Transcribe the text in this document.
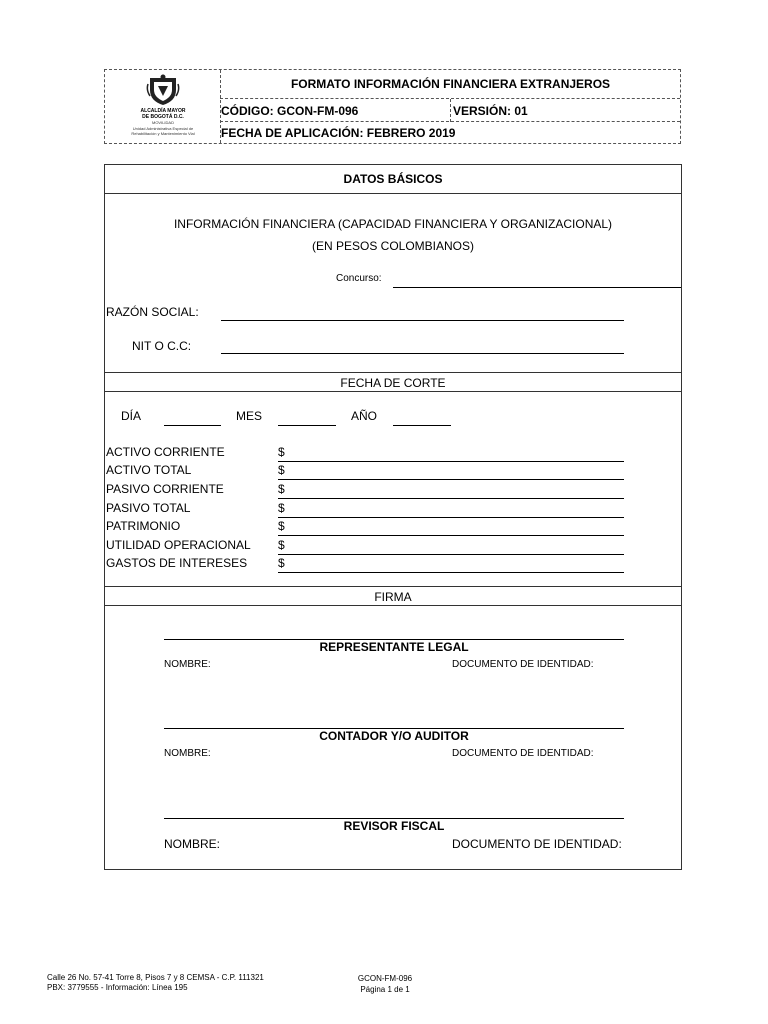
ALCALDÍA MAYOR
DE BOGOTÁ D.C.
MOVILIDAD
Unidad Administrativa Especial de
Rehabilitación y Mantenimiento Vial
FORMATO INFORMACIÓN FINANCIERA EXTRANJEROS
CÓDIGO: GCON-FM-096	VERSIÓN: 01
FECHA DE APLICACIÓN: FEBRERO 2019
DATOS BÁSICOS
INFORMACIÓN FINANCIERA (CAPACIDAD FINANCIERA Y ORGANIZACIONAL)
(EN PESOS COLOMBIANOS)
Concurso:
RAZÓN SOCIAL:
NIT O C.C:
FECHA DE CORTE
DÍA	MES	AÑO
ACTIVO CORRIENTE	$
ACTIVO TOTAL	$
PASIVO CORRIENTE	$
PASIVO TOTAL	$
PATRIMONIO	$
UTILIDAD OPERACIONAL $
GASTOS DE INTERESES	$
FIRMA
REPRESENTANTE LEGAL
NOMBRE:	DOCUMENTO DE IDENTIDAD:
CONTADOR Y/O AUDITOR
NOMBRE:	DOCUMENTO DE IDENTIDAD:
REVISOR FISCAL
NOMBRE:	DOCUMENTO DE IDENTIDAD:
Calle 26 No. 57-41 Torre 8, Pisos 7 y 8 CEMSA - C.P. 111321
PBX: 3779555 - Información: Línea 195
GCON-FM-096
Página 1 de 1
